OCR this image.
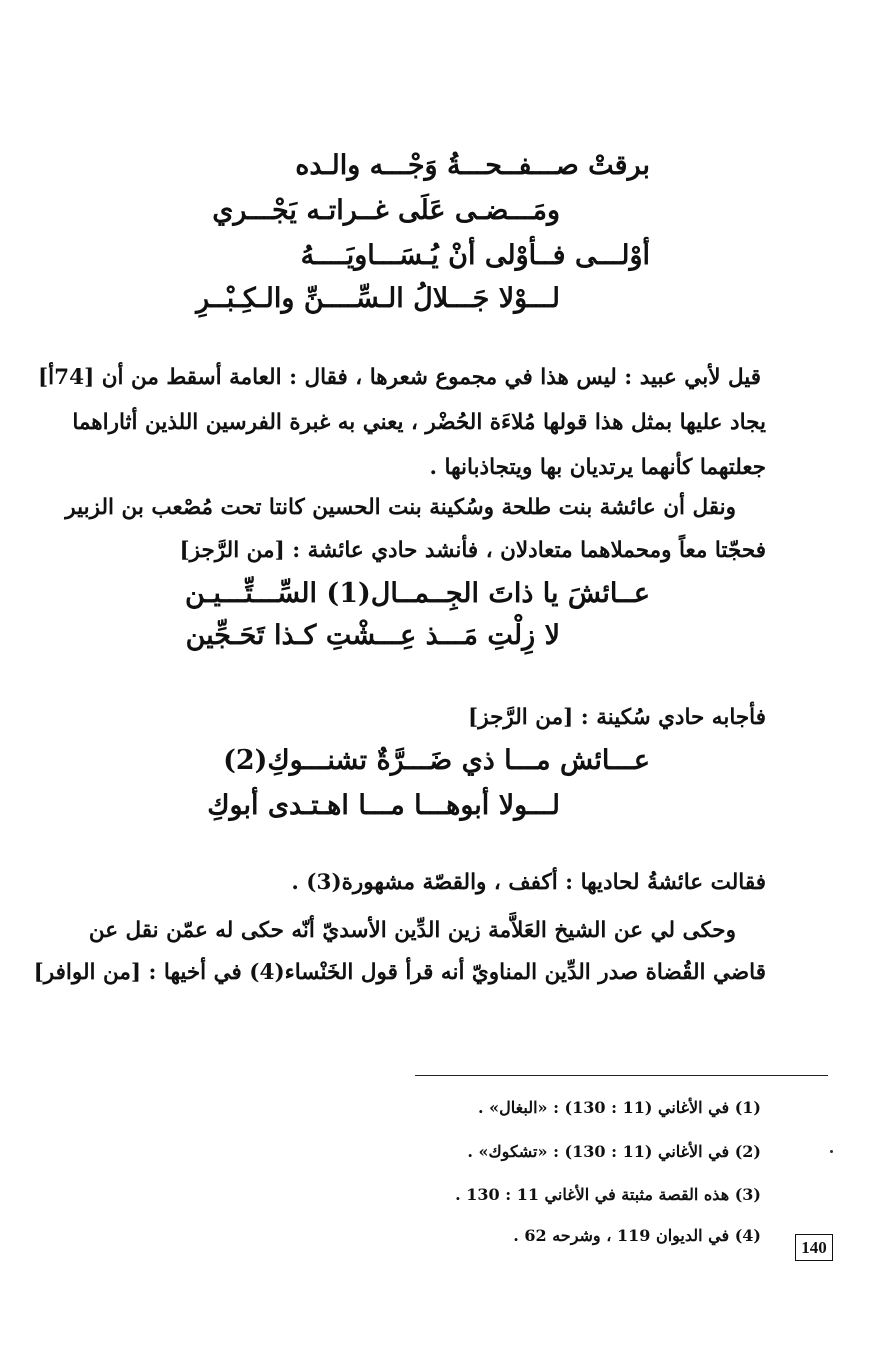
برقتْ صـــفــحـــةُ وَجْـــه والـده
ومَـــضـى عَلَى غــراتـه يَجْـــري
أوْلـــى فــأوْلى أنْ يُـسَـــاويَــــهُ
لـــوْلا جَـــلالُ الـسِّــــنِّ والـكِـبْــرِ
قيل لأبي عبيد : ليس هذا في مجموع شعرها ، فقال : العامة أسقط من أن [74أ]
يجاد عليها بمثل هذا قولها مُلاءَة الحُضْر ، يعني به غبرة الفرسين اللذين أثاراهما
جعلتهما كأنهما يرتديان بها ويتجاذبانها .
ونقل أن عائشة بنت طلحة وسُكينة بنت الحسين كانتا تحت مُصْعب بن الزبير
فحجّتا معاً ومحملاهما متعادلان ، فأنشد حادي عائشة : [من الرَّجز]
عــائشَ يا ذاتَ الجِــمــال(1) السِّـــتِّـــيـن
لا زِلْتِ مَـــذ عِـــشْتِ كـذا تَحَـجِّين
فأجابه حادي سُكينة : [من الرَّجز]
عـــائش مـــا ذي ضَـــرَّةٌ تشنـــوكِ(2)
لـــولا أبوهـــا مـــا اهـتـدى أبوكِ
فقالت عائشةُ لحاديها : أكفف ، والقصّة مشهورة(3) .
وحكى لي عن الشيخ العَلاَّمة زين الدِّين الأسديّ أنّه حكى له عمّن نقل عن
قاضي القُضاة صدر الدِّين المناويّ أنه قرأ قول الخَنْساء(4) في أخيها : [من الوافر]
(1) في الأغاني (11 : 130) : «البغال» .
(2) في الأغاني (11 : 130) : «تشكوك» .
(3) هذه القصة مثبتة في الأغاني 11 : 130 .
(4) في الديوان 119 ، وشرحه 62 .
140
